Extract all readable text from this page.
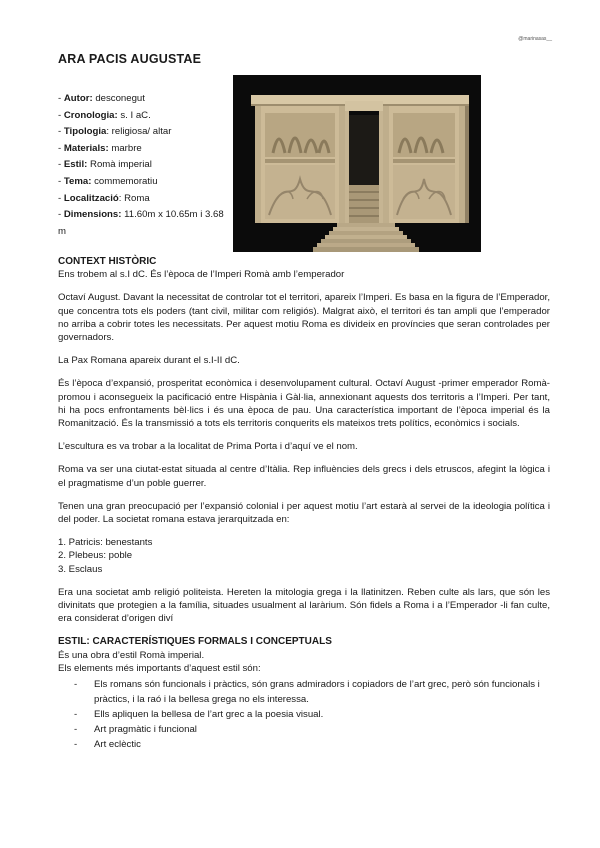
@marinasas__
ARA PACIS AUGUSTAE
- Autor: desconegut
- Cronologia: s. I aC.
- Tipologia: religiosa/ altar
- Materials: marbre
- Estil: Romà imperial
- Tema: commemoratiu
- Localització: Roma
- Dimensions: 11.60m x 10.65m i 3.68 m
CONTEXT HISTÒRIC

Ens trobem al s.I dC. És l’època de l’Imperi Romà amb l’emperador

Octaví August. Davant la necessitat de controlar tot el territori, apareix l’Imperi. Es basa en la figura de l’Emperador, que concentra tots els poders (tant civil, militar com religiós). Malgrat això, el territori és tan ampli que l’emperador no arriba a cobrir totes les necessitats. Per aquest motiu Roma es divideix en províncies que seran controlades per governadors.

La Pax Romana apareix durant el s.I-II dC.

És l’època d’expansió, prosperitat econòmica i desenvolupament cultural. Octaví August -primer emperador Romà-promou i aconsegueix la pacificació entre Hispània i Gàl·lia, annexionant aquests dos territoris a l’Imperi. Per tant, hi ha pocs enfrontaments bèl·lics i és una època de pau. Una característica important de l’època imperial és la Romanització. És la transmissió a tots els territoris conquerits els mateixos trets polítics, econòmics i socials.

L’escultura es va trobar a la localitat de Prima Porta i d’aquí ve el nom.

Roma va ser una ciutat-estat situada al centre d’Itàlia. Rep influències dels grecs i dels etruscos, afegint la lògica i el pragmatisme d’un poble guerrer.

Tenen una gran preocupació per l’expansió colonial i per aquest motiu l’art estarà al servei de la ideologia política i del poder. La societat romana estava jerarquitzada en:

1. Patricis: benestants
2. Plebeus: poble
3. Esclaus

Era una societat amb religió politeista. Hereten la mitologia grega i la llatinitzen. Reben culte als lars, que són les divinitats que protegien a la família, situades usualment al laràrium. Són fidels a Roma i a l’Emperador -li fan culte, era considerat d’origen diví

ESTIL: CARACTERÍSTIQUES FORMALS I CONCEPTUALS

És una obra d’estil Romà imperial.

Els elements més importants d’aquest estil són:

- Els romans són funcionals i pràctics, són grans admiradors i copiadors de l’art grec, però són funcionals i pràctics, i la raó i la bellesa grega no els interessa.
- Ells apliquen la bellesa de l’art grec a la poesia visual.
- Art pragmàtic i funcional
- Art eclèctic
